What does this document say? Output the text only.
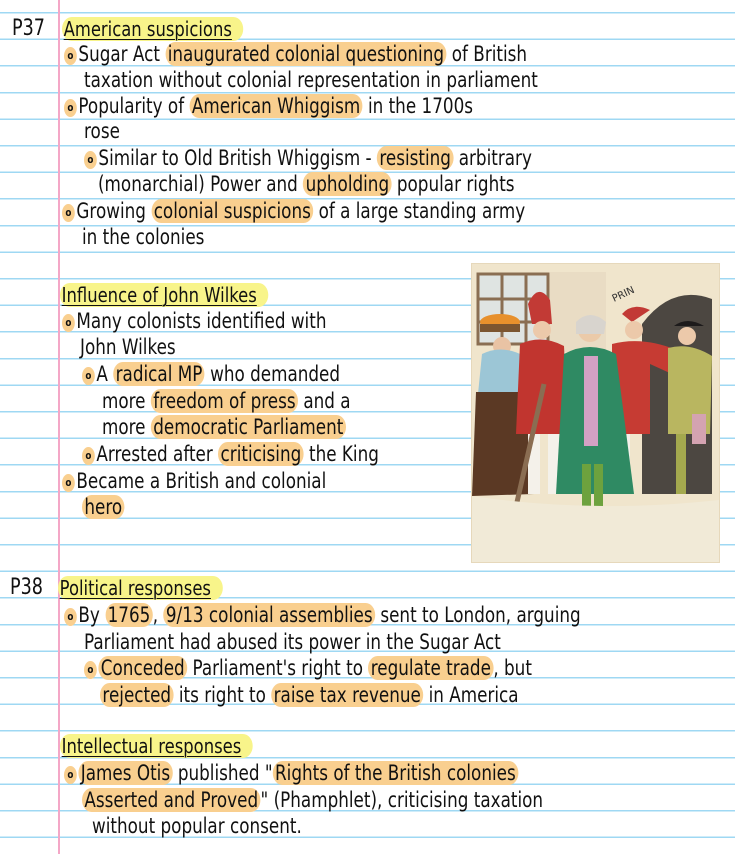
P37 American suspicions
o Sugar Act inaugurated colonial questioning of British
taxation without colonial representation in parliament
o Popularity of American Whiggism in the 1700s
rose
o Similar to Old British Whiggism - resisting arbitrary
(monarchial) Power and upholding popular rights
o Growing colonial suspicions of a large standing army
in the colonies
Influence of John Wilkes
o Many colonists identified with
John Wilkes
o A radical MP who demanded
more freedom of press and a
more democratic Parliament
o Arrested after criticising the King
o Became a British and colonial
hero
PRIN
P38 Political responses
o By 1765 , 9/13 colonial assemblies sent to London, arguing
Parliament had abused its power in the Sugar Act
o Conceded Parliament's right to regulate trade , but
rejected its right to raise tax revenue in America
Intellectual responses
o James Otis published " Rights of the British colonies
Asserted and Proved " (Phamphlet), criticising taxation
without popular consent.
